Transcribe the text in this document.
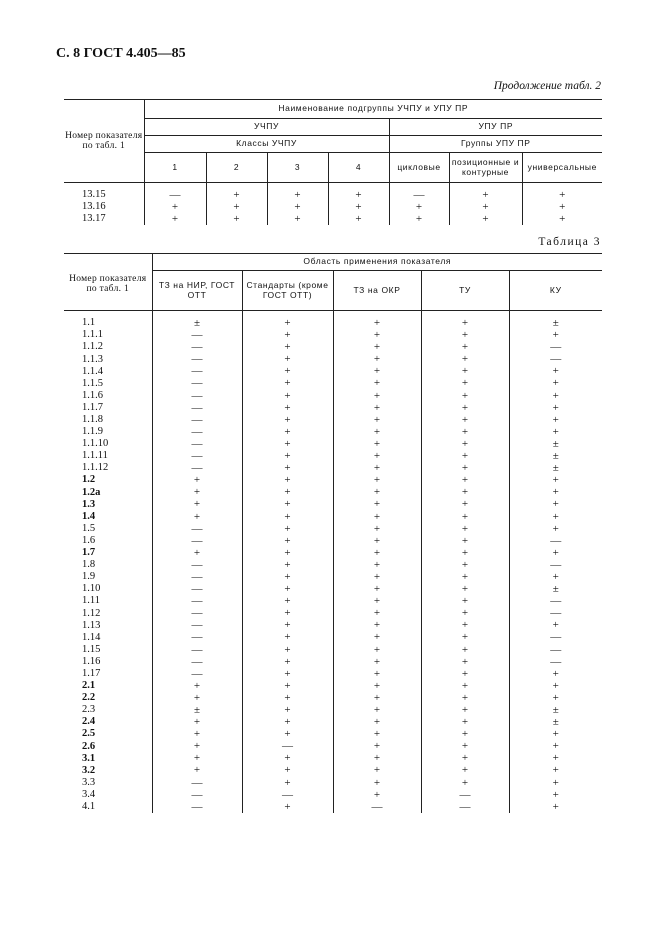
С. 8 ГОСТ 4.405—85
Продолжение табл. 2
Номер показателя по табл. 1	Наименование подгруппы УЧПУ и УПУ ПР						
	УЧПУ				УПУ ПР		
	Классы УЧПУ				Группы УПУ ПР		
	1	2	3	4	цикловые	позиционные и контурные	универсальные
13.15	—	+	+	+	—	+	+
13.16	+	+	+	+	+	+	+
13.17	+	+	+	+	+	+	+
Таблица 3
Номер показателя по табл. 1	Область применения показателя				
	ТЗ на НИР, ГОСТ ОТТ	Стандарты (кроме ГОСТ ОТТ)	ТЗ на ОКР	ТУ	КУ
1.1	±	+	+	+	±
1.1.1	—	+	+	+	+
1.1.2	—	+	+	+	—
1.1.3	—	+	+	+	—
1.1.4	—	+	+	+	+
1.1.5	—	+	+	+	+
1.1.6	—	+	+	+	+
1.1.7	—	+	+	+	+
1.1.8	—	+	+	+	+
1.1.9	—	+	+	+	+
1.1.10	—	+	+	+	±
1.1.11	—	+	+	+	±
1.1.12	—	+	+	+	±
1.2	+	+	+	+	+
1.2а	+	+	+	+	+
1.3	+	+	+	+	+
1.4	+	+	+	+	+
1.5	—	+	+	+	+
1.6	—	+	+	+	—
1.7	+	+	+	+	+
1.8	—	+	+	+	—
1.9	—	+	+	+	+
1.10	—	+	+	+	±
1.11	—	+	+	+	—
1.12	—	+	+	+	—
1.13	—	+	+	+	+
1.14	—	+	+	+	—
1.15	—	+	+	+	—
1.16	—	+	+	+	—
1.17	—	+	+	+	+
2.1	+	+	+	+	+
2.2	+	+	+	+	+
2.3	±	+	+	+	±
2.4	+	+	+	+	±
2.5	+	+	+	+	+
2.6	+	—	+	+	+
3.1	+	+	+	+	+
3.2	+	+	+	+	+
3.3	—	+	+	+	+
3.4	—	—	+	—	+
4.1	—	+	—	—	+
